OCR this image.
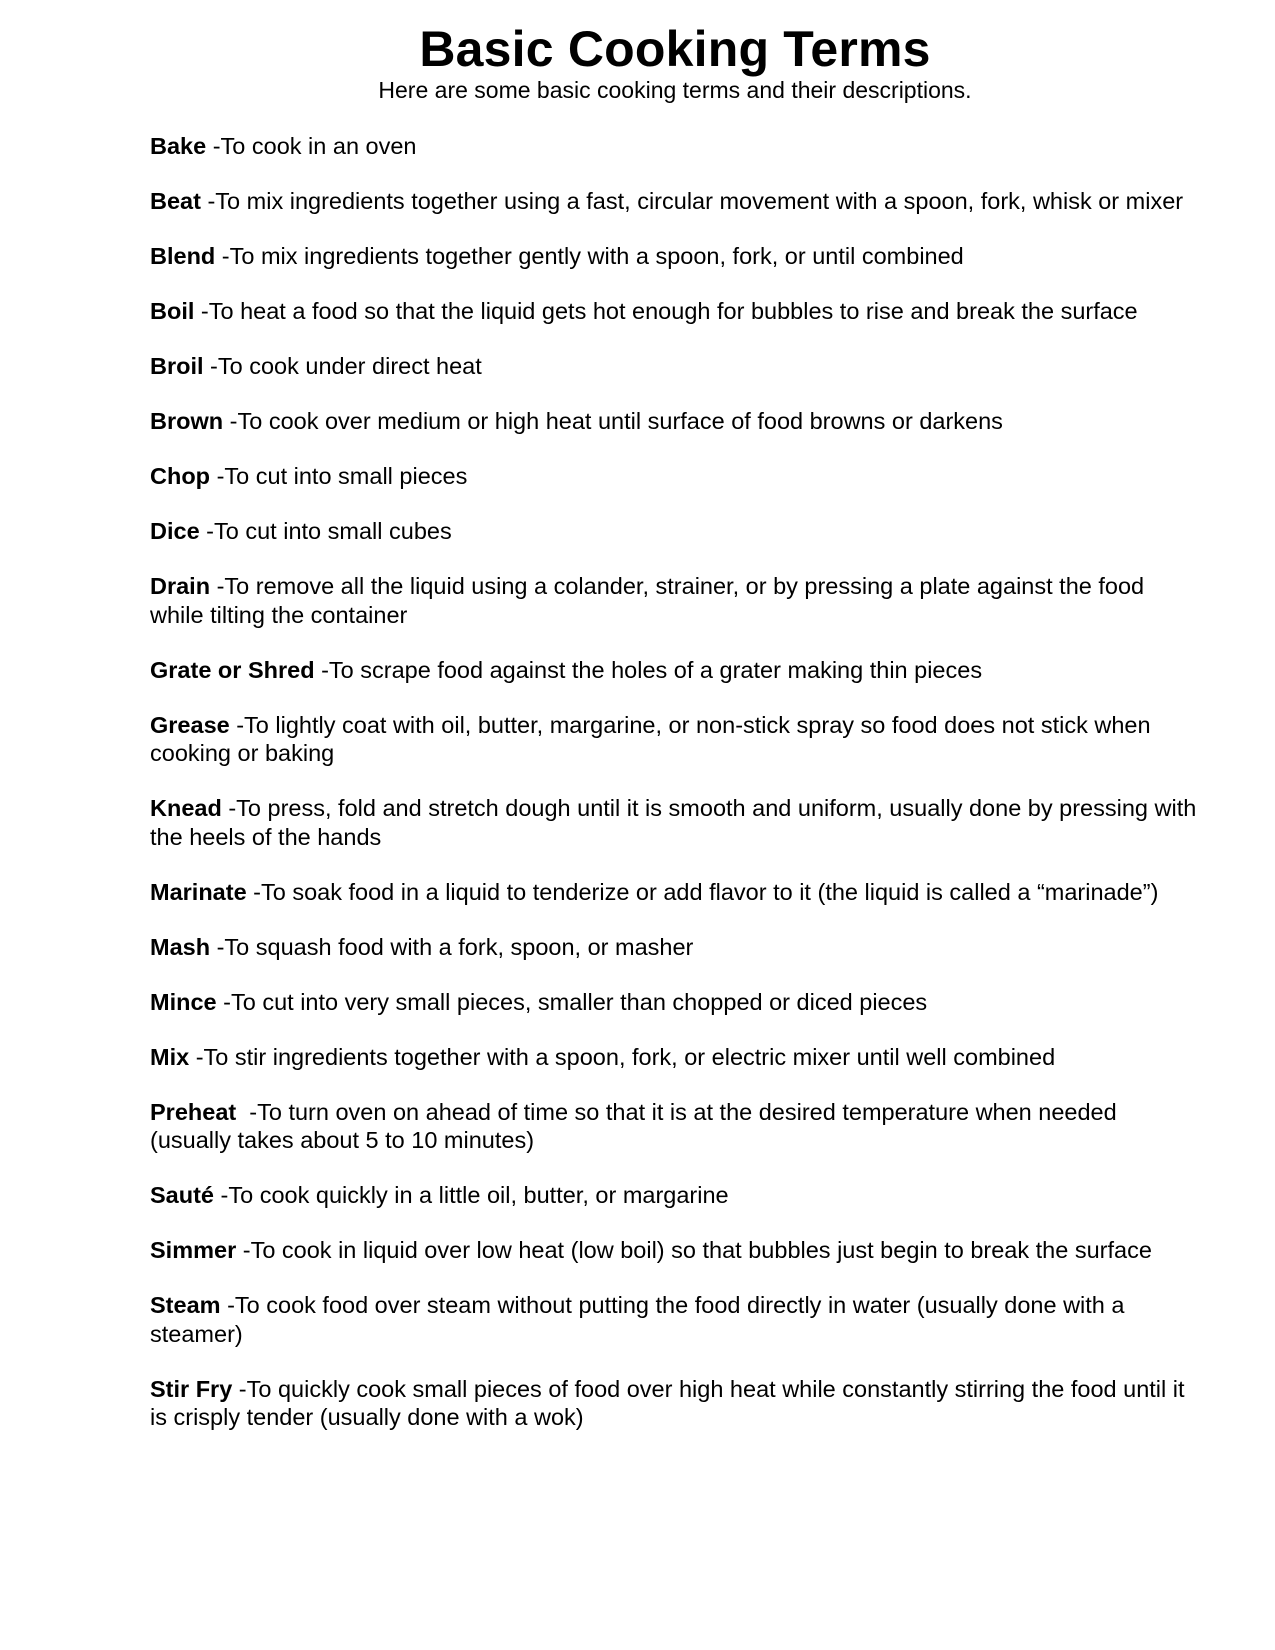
Basic Cooking Terms

Here are some basic cooking terms and their descriptions.

Bake -To cook in an oven
Beat -To mix ingredients together using a fast, circular movement with a spoon, fork, whisk or mixer
Blend -To mix ingredients together gently with a spoon, fork, or until combined
Boil -To heat a food so that the liquid gets hot enough for bubbles to rise and break the surface
Broil -To cook under direct heat
Brown -To cook over medium or high heat until surface of food browns or darkens
Chop -To cut into small pieces
Dice -To cut into small cubes
Drain -To remove all the liquid using a colander, strainer, or by pressing a plate against the food while tilting the container
Grate or Shred -To scrape food against the holes of a grater making thin pieces
Grease -To lightly coat with oil, butter, margarine, or non-stick spray so food does not stick when cooking or baking
Knead -To press, fold and stretch dough until it is smooth and uniform, usually done by pressing with the heels of the hands
Marinate -To soak food in a liquid to tenderize or add flavor to it (the liquid is called a “marinade”)
Mash -To squash food with a fork, spoon, or masher
Mince -To cut into very small pieces, smaller than chopped or diced pieces
Mix -To stir ingredients together with a spoon, fork, or electric mixer until well combined
Preheat  -To turn oven on ahead of time so that it is at the desired temperature when needed (usually takes about 5 to 10 minutes)
Sauté -To cook quickly in a little oil, butter, or margarine
Simmer -To cook in liquid over low heat (low boil) so that bubbles just begin to break the surface
Steam -To cook food over steam without putting the food directly in water (usually done with a steamer)
Stir Fry -To quickly cook small pieces of food over high heat while constantly stirring the food until it is crisply tender (usually done with a wok)
